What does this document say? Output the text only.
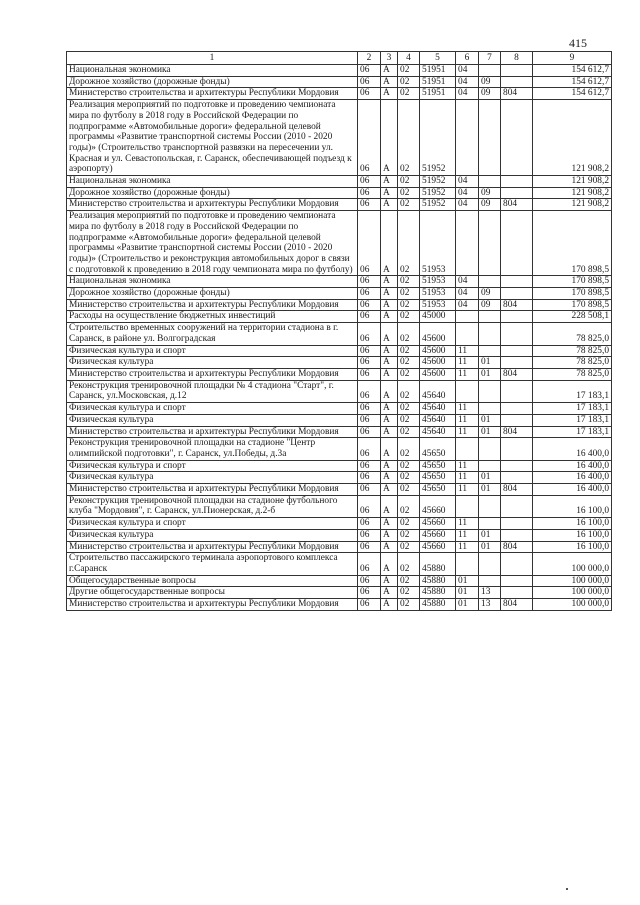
415
1	2	3	4	5	6	7	8	9
Национальная экономика	06	А	02	51951	04			154 612,7
Дорожное хозяйство (дорожные фонды)	06	А	02	51951	04	09		154 612,7
Министерство строительства и архитектуры Республики Мордовия	06	А	02	51951	04	09	804	154 612,7
Реализация мероприятий по подготовке и проведению чемпионата мира по футболу в 2018 году в Российской Федерации по подпрограмме «Автомобильные дороги» федеральной целевой программы «Развитие транспортной системы России (2010 - 2020 годы)» (Строительство транспортной развязки на пересечении ул. Красная и ул. Севастопольская, г. Саранск, обеспечивающей подъезд к аэропорту)	06	А	02	51952				121 908,2
Национальная экономика	06	А	02	51952	04			121 908,2
Дорожное хозяйство (дорожные фонды)	06	А	02	51952	04	09		121 908,2
Министерство строительства и архитектуры Республики Мордовия	06	А	02	51952	04	09	804	121 908,2
Реализация мероприятий по подготовке и проведению чемпионата мира по футболу в 2018 году в Российской Федерации по подпрограмме «Автомобильные дороги» федеральной целевой программы «Развитие транспортной системы России (2010 - 2020 годы)» (Строительство и реконструкция автомобильных дорог в связи с подготовкой к проведению в 2018 году чемпионата мира по футболу)	06	А	02	51953				170 898,5
Национальная экономика	06	А	02	51953	04			170 898,5
Дорожное хозяйство (дорожные фонды)	06	А	02	51953	04	09		170 898,5
Министерство строительства и архитектуры Республики Мордовия	06	А	02	51953	04	09	804	170 898,5
Расходы на осуществление бюджетных инвестиций	06	А	02	45000				228 508,1
Строительство временных сооружений на территории стадиона в г. Саранск, в районе ул. Волгоградская	06	А	02	45600				78 825,0
Физическая культура и спорт	06	А	02	45600	11			78 825,0
Физическая культура	06	А	02	45600	11	01		78 825,0
Министерство строительства и архитектуры Республики Мордовия	06	А	02	45600	11	01	804	78 825,0
Реконструкция тренировочной площадки № 4 стадиона "Старт", г. Саранск, ул.Московская, д.12	06	А	02	45640				17 183,1
Физическая культура и спорт	06	А	02	45640	11			17 183,1
Физическая культура	06	А	02	45640	11	01		17 183,1
Министерство строительства и архитектуры Республики Мордовия	06	А	02	45640	11	01	804	17 183,1
Реконструкция тренировочной площадки на стадионе "Центр олимпийской подготовки", г. Саранск, ул.Победы, д.3а	06	А	02	45650				16 400,0
Физическая культура и спорт	06	А	02	45650	11			16 400,0
Физическая культура	06	А	02	45650	11	01		16 400,0
Министерство строительства и архитектуры Республики Мордовия	06	А	02	45650	11	01	804	16 400,0
Реконструкция тренировочной площадки на стадионе футбольного клуба "Мордовия", г. Саранск, ул.Пионерская, д.2-б	06	А	02	45660				16 100,0
Физическая культура и спорт	06	А	02	45660	11			16 100,0
Физическая культура	06	А	02	45660	11	01		16 100,0
Министерство строительства и архитектуры Республики Мордовия	06	А	02	45660	11	01	804	16 100,0
Строительство пассажирского терминала аэропортового комплекса г.Саранск	06	А	02	45880				100 000,0
Общегосударственные вопросы	06	А	02	45880	01			100 000,0
Другие общегосударственные вопросы	06	А	02	45880	01	13		100 000,0
Министерство строительства и архитектуры Республики Мордовия	06	А	02	45880	01	13	804	100 000,0
